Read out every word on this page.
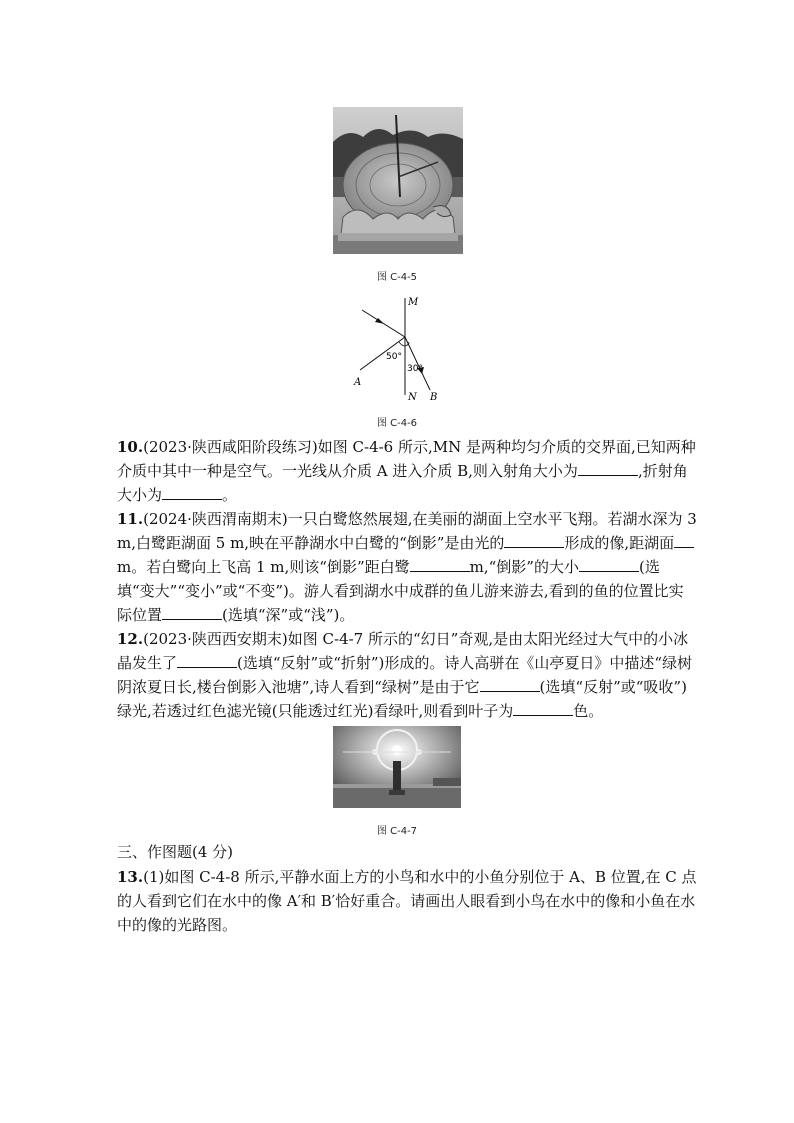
图 C-4-5
M
N
A
B
50°
30°
图 C-4-6

10.(2023·陕西咸阳阶段练习)如图 C-4-6 所示,MN 是两种均匀介质的交界面,已知两种介质中其中一种是空气。一光线从介质 A 进入介质 B,则入射角大小为	,折射角大小为	。

11.(2024·陕西渭南期末)一只白鹭悠然展翅,在美丽的湖面上空水平飞翔。若湖水深为 3 m,白鹭距湖面 5 m,映在平静湖水中白鹭的“倒影”是由光的	形成的像,距湖面m。若白鹭向上飞高 1 m,则该“倒影”距白鹭	m,“倒影”的大小	(选填“变大”“变小”或“不变”)。游人看到湖水中成群的鱼儿游来游去,看到的鱼的位置比实际位置	(选填“深”或“浅”)。

12.(2023·陕西西安期末)如图 C-4-7 所示的“幻日”奇观,是由太阳光经过大气中的小冰晶发生了	(选填“反射”或“折射”)形成的。诗人高骈在《山亭夏日》中描述“绿树阴浓夏日长,楼台倒影入池塘”,诗人看到“绿树”是由于它	(选填“反射”或“吸收”)绿光,若透过红色滤光镜(只能透过红光)看绿叶,则看到叶子为	色。

图 C-4-7
三、作图题(4 分)

13.(1)如图 C-4-8 所示,平静水面上方的小鸟和水中的小鱼分别位于 A、B 位置,在 C 点的人看到它们在水中的像 A′和 B′恰好重合。请画出人眼看到小鸟在水中的像和小鱼在水中的像的光路图。
